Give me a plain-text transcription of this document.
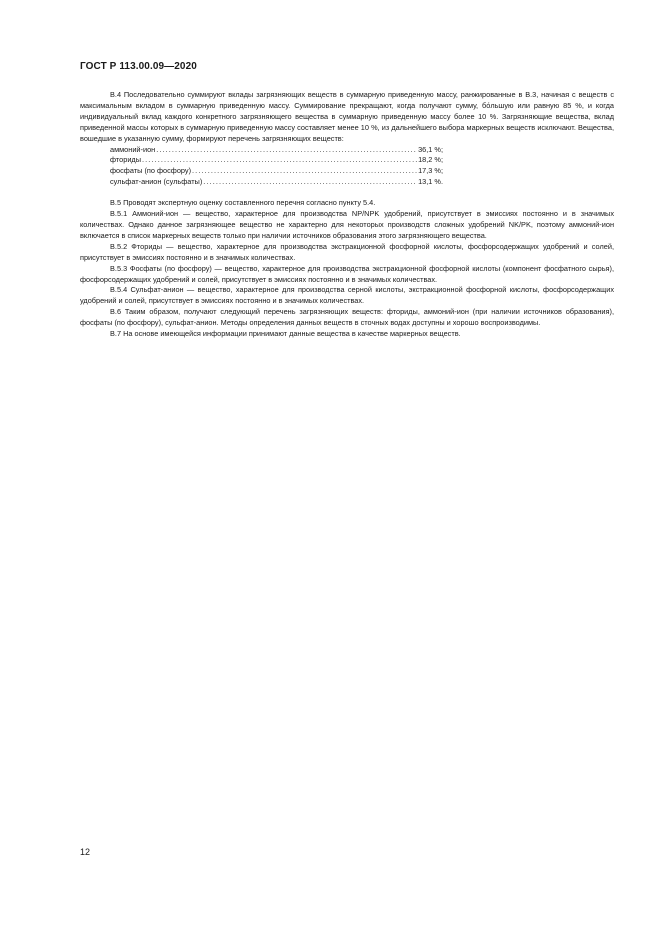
ГОСТ Р 113.00.09—2020

В.4 Последовательно суммируют вклады загрязняющих веществ в суммарную приведенную массу, ранжированные в В.3, начиная с веществ с максимальным вкладом в суммарную приведенную массу. Суммирование прекращают, когда получают сумму, бо́льшую или равную 85 %, и когда индивидуальный вклад каждого конкретного загрязняющего вещества в суммарную приведенную массу более 10 %. Загрязняющие вещества, вклад приведенной массы которых в суммарную приведенную массу составляет менее 10 %, из дальнейшего выбора маркерных веществ исключают. Вещества, вошедшие в указанную сумму, формируют перечень загрязняющих веществ:

аммоний-ион .....	36,1 %;
фториды .....	18,2 %;
фосфаты (по фосфору) .....	17,3 %;
сульфат-анион (сульфаты) .....	13,1 %.

В.5 Проводят экспертную оценку составленного перечня согласно пункту 5.4.

В.5.1 Аммоний-ион — вещество, характерное для производства NP/NPK удобрений, присутствует в эмиссиях постоянно и в значимых количествах. Однако данное загрязняющее вещество не характерно для некоторых производств сложных удобрений NK/PK, поэтому аммоний-ион включается в список маркерных веществ только при наличии источников образования этого загрязняющего вещества.

В.5.2 Фториды — вещество, характерное для производства экстракционной фосфорной кислоты, фосфорсодержащих удобрений и солей, присутствует в эмиссиях постоянно и в значимых количествах.

В.5.3 Фосфаты (по фосфору) — вещество, характерное для производства экстракционной фосфорной кислоты (компонент фосфатного сырья), фосфорсодержащих удобрений и солей, присутствует в эмиссиях постоянно и в значимых количествах.

В.5.4 Сульфат-анион — вещество, характерное для производства серной кислоты, экстракционной фосфорной кислоты, фосфорсодержащих удобрений и солей, присутствует в эмиссиях постоянно и в значимых количествах.

В.6 Таким образом, получают следующий перечень загрязняющих веществ: фториды, аммоний-ион (при наличии источников образования), фосфаты (по фосфору), сульфат-анион. Методы определения данных веществ в сточных водах доступны и хорошо воспроизводимы.

В.7 На основе имеющейся информации принимают данные вещества в качестве маркерных веществ.

12
